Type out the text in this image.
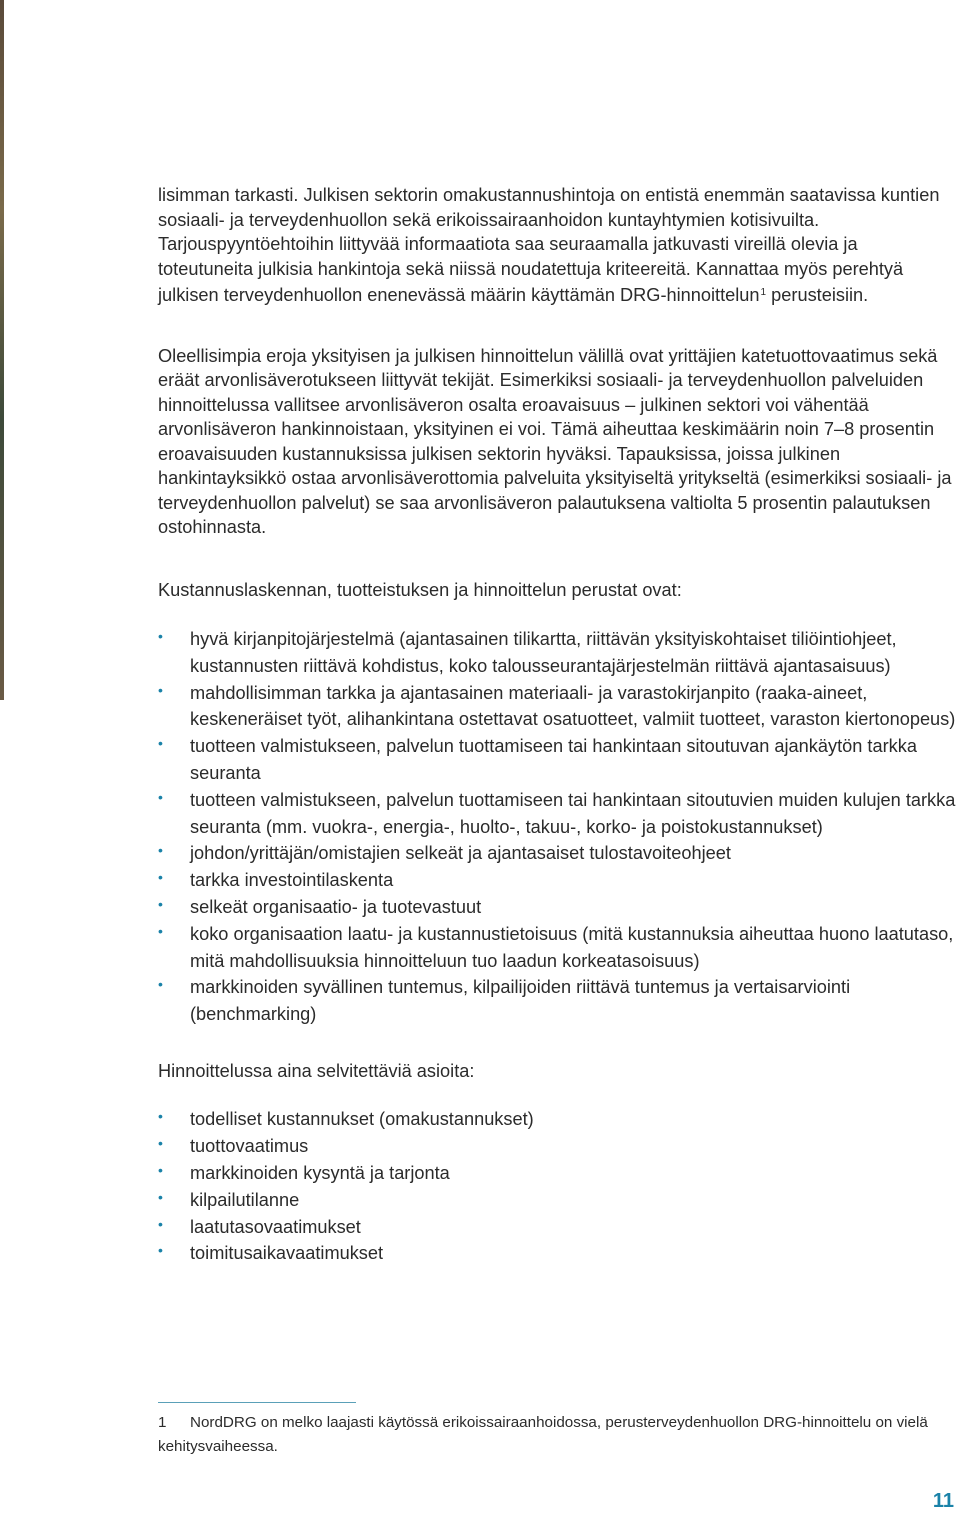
lisimman tarkasti. Julkisen sektorin omakustannushintoja on entistä enemmän saatavissa kuntien sosiaali- ja terveydenhuollon sekä erikoissairaanhoidon kuntayhtymien kotisivuilta. Tarjouspyyntöehtoihin liittyvää informaatiota saa seuraamalla jatkuvasti vireillä olevia ja toteutuneita julkisia hankintoja sekä niissä noudatettuja kriteereitä. Kannattaa myös perehtyä julkisen terveydenhuollon enenevässä määrin käyttämän DRG-hinnoittelun$^1$ perusteisiin.

Oleellisimpia eroja yksityisen ja julkisen hinnoittelun välillä ovat yrittäjien katetuottovaatimus sekä eräät arvonlisäverotukseen liittyvät tekijät. Esimerkiksi sosiaali- ja terveydenhuollon palveluiden hinnoittelussa vallitsee arvonlisäveron osalta eroavaisuus – julkinen sektori voi vähentää arvonlisäveron hankinnoistaan, yksityinen ei voi. Tämä aiheuttaa keskimäärin noin 7–8 prosentin eroavaisuuden kustannuksissa julkisen sektorin hyväksi. Tapauksissa, joissa julkinen hankintayksikkö ostaa arvonlisäverottomia palveluita yksityiseltä yritykseltä (esimerkiksi sosiaali- ja terveydenhuollon palvelut) se saa arvonlisäveron palautuksena valtiolta 5 prosentin palautuksen ostohinnasta.

Kustannuslaskennan, tuotteistuksen ja hinnoittelun perustat ovat:

• hyvä kirjanpitojärjestelmä (ajantasainen tilikartta, riittävän yksityiskohtaiset tiliöintiohjeet, kustannusten riittävä kohdistus, koko talousseurantajärjestelmän riittävä ajantasaisuus)
• mahdollisimman tarkka ja ajantasainen materiaali- ja varastokirjanpito (raaka-aineet, keskeneräiset työt, alihankintana ostettavat osatuotteet, valmiit tuotteet, varaston kiertonopeus)
• tuotteen valmistukseen, palvelun tuottamiseen tai hankintaan sitoutuvan ajankäytön tarkka seuranta
• tuotteen valmistukseen, palvelun tuottamiseen tai hankintaan sitoutuvien muiden kulujen tarkka seuranta (mm. vuokra-, energia-, huolto-, takuu-, korko- ja poistokustannukset)
• johdon/yrittäjän/omistajien selkeät ja ajantasaiset tulostavoiteohjeet
• tarkka investointilaskenta
• selkeät organisaatio- ja tuotevastuut
• koko organisaation laatu- ja kustannustietoisuus (mitä kustannuksia aiheuttaa huono laatutaso, mitä mahdollisuuksia hinnoitteluun tuo laadun korkeatasoisuus)
• markkinoiden syvällinen tuntemus, kilpailijoiden riittävä tuntemus ja vertaisarviointi (benchmarking)

Hinnoittelussa aina selvitettäviä asioita:

• todelliset kustannukset (omakustannukset)
• tuottovaatimus
• markkinoiden kysyntä ja tarjonta
• kilpailutilanne
• laatutasovaatimukset
• toimitusaikavaatimukset
1 NordDRG on melko laajasti käytössä erikoissairaanhoidossa, perusterveydenhuollon DRG-hinnoittelu on vielä kehitysvaiheessa.
11
